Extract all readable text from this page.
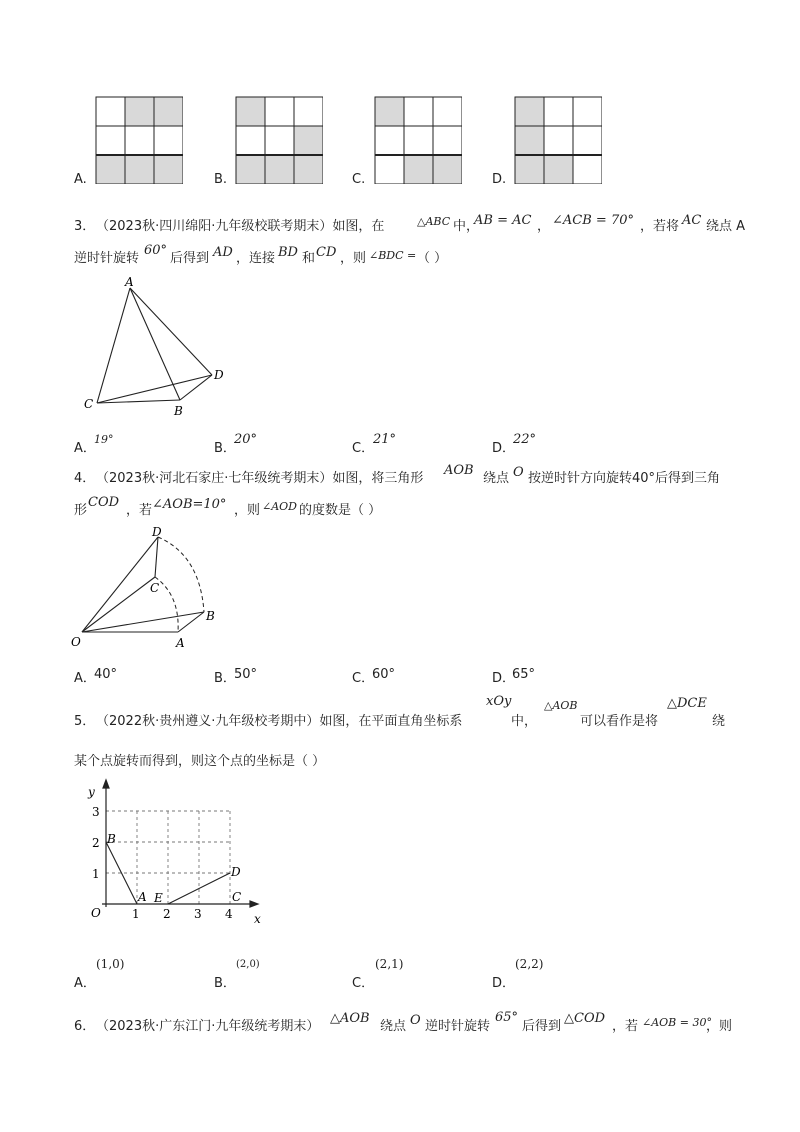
A.	B.	C.	D.
3． （2023秋·四川绵阳·九年级校联考期末）如图，在	△ABC 中，
AB = AC ， ∠ACB = 70° ，若将 AC 绕点 A
逆时针旋转
60°
后得到 AD ，连接 BD 和 CD ，则 ∠BDC = （ ）
A
B
C
D
A．
19°
B．
20°
C．
21°
D．
22°
4． （2023秋·河北石家庄·七年级统考期末）如图，将三角形
AOB
绕点 O 按逆时针方向旋转40°后得到三角
形
COD
，若 ∠AOB=10° ，则 ∠AOD 的度数是（ ）
O	A
B
C
D
A．
40°	B．
50°	C．
60°	D．
65°
5． （2022秋·贵州遵义·九年级校考期中）如图，在平面直角坐标系
xOy
中，
△AOB
可以看作是将
△DCE
绕
某个点旋转而得到，则这个点的坐标是（ ）
y
x
O	1 2 3 4
1
2
3
B
A E
D
C
A．
(1,0)
B．
(2,0)
C．
(2,1)
D．
(2,2)
6． （2023秋·广东江门·九年级统考期末）
△AOB
绕点 O 逆时针旋转
65°
后得到
△COD
，若 ∠AOB = 30°
，则
